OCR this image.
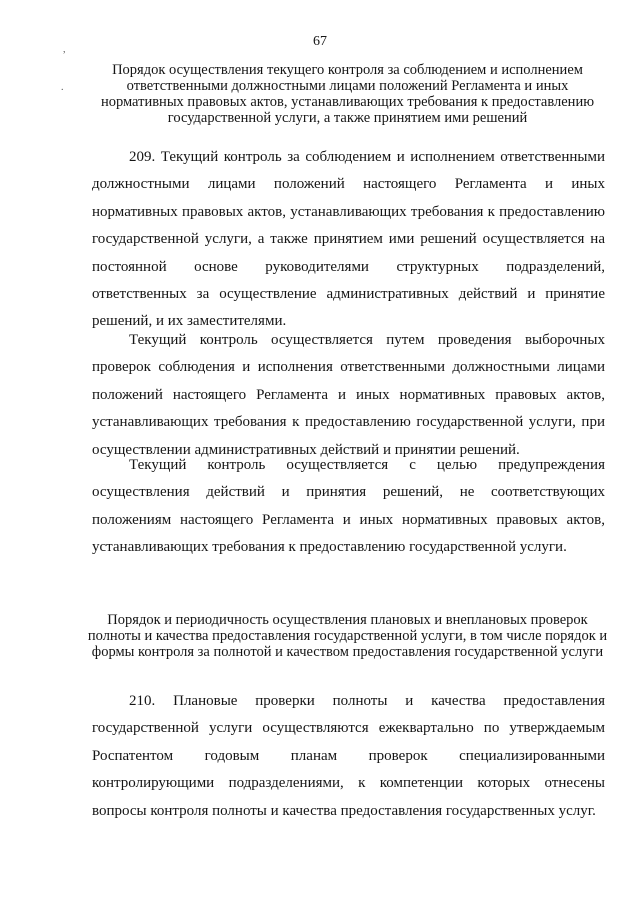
,
.
67
Порядок осуществления текущего контроля за соблюдением и исполнением ответственными должностными лицами положений Регламента и иных нормативных правовых актов, устанавливающих требования к предоставлению государственной услуги, а также принятием ими решений
209. Текущий контроль за соблюдением и исполнением ответственными должностными лицами положений настоящего Регламента и иных нормативных правовых актов, устанавливающих требования к предоставлению государственной услуги, а также принятием ими решений осуществляется на постоянной основе руководителями структурных подразделений, ответственных за осуществление административных действий и принятие решений, и их заместителями.
Текущий контроль осуществляется путем проведения выборочных проверок соблюдения и исполнения ответственными должностными лицами положений настоящего Регламента и иных нормативных правовых актов, устанавливающих требования к предоставлению государственной услуги, при осуществлении административных действий и принятии решений.
Текущий контроль осуществляется с целью предупреждения осуществления действий и принятия решений, не соответствующих положениям настоящего Регламента и иных нормативных правовых актов, устанавливающих требования к предоставлению государственной услуги.
Порядок и периодичность осуществления плановых и внеплановых проверок полноты и качества предоставления государственной услуги, в том числе порядок и формы контроля за полнотой и качеством предоставления государственной услуги
210. Плановые проверки полноты и качества предоставления государственной услуги осуществляются ежеквартально по утверждаемым Роспатентом годовым планам проверок специализированными контролирующими подразделениями, к компетенции которых отнесены вопросы контроля полноты и качества предоставления государственных услуг.
